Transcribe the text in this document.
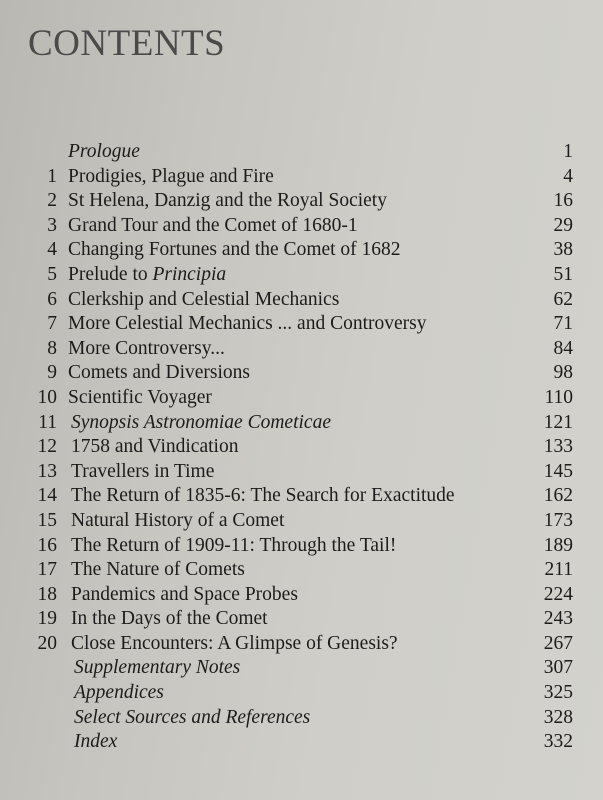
CONTENTS
Prologue	1
1 Prodigies, Plague and Fire	4
2 St Helena, Danzig and the Royal Society	16
3 Grand Tour and the Comet of 1680-1	29
4 Changing Fortunes and the Comet of 1682	38
5 Prelude to Principia	51
6 Clerkship and Celestial Mechanics	62
7 More Celestial Mechanics ... and Controversy	71
8 More Controversy...	84
9 Comets and Diversions	98
10 Scientific Voyager	110
11 Synopsis Astronomiae Cometicae	121
12 1758 and Vindication	133
13 Travellers in Time	145
14 The Return of 1835-6: The Search for Exactitude	162
15 Natural History of a Comet	173
16 The Return of 1909-11: Through the Tail!	189
17 The Nature of Comets	211
18 Pandemics and Space Probes	224
19 In the Days of the Comet	243
20 Close Encounters: A Glimpse of Genesis?	267
Supplementary Notes	307
Appendices	325
Select Sources and References	328
Index	332
